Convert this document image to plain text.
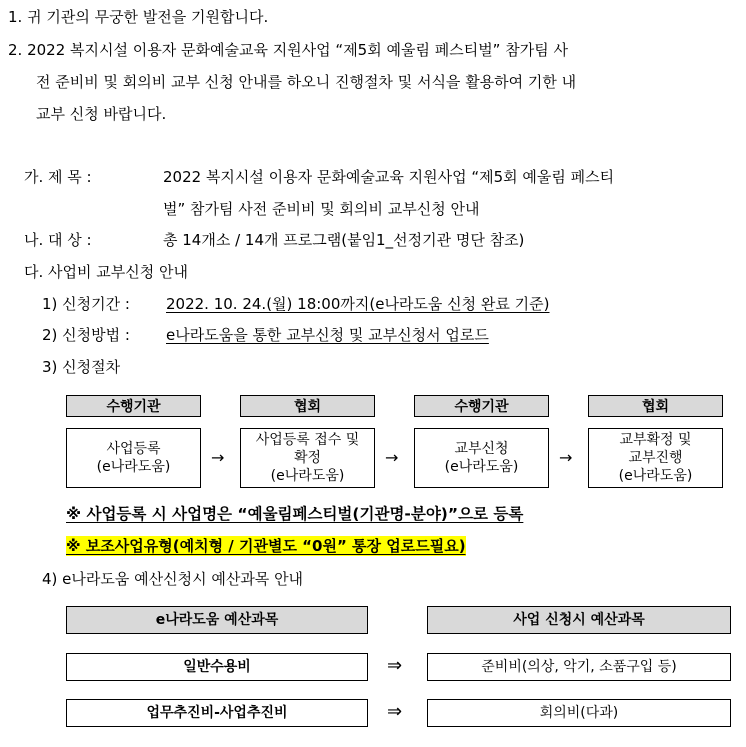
1. 귀 기관의 무궁한 발전을 기원합니다.
2. 2022 복지시설 이용자 문화예술교육 지원사업 “제5회 예울림 페스티벌” 참가팀 사
전 준비비 및 회의비 교부 신청 안내를 하오니 진행절차 및 서식을 활용하여 기한 내
교부 신청 바랍니다.
가. 제 목 :	2022 복지시설 이용자 문화예술교육 지원사업 “제5회 예울림 페스티
벌” 참가팀 사전 준비비 및 회의비 교부신청 안내
나. 대 상 :	총 14개소 / 14개 프로그램(붙임1_선정기관 명단 참조)
다. 사업비 교부신청 안내
1) 신청기간 : 2022. 10. 24.(월) 18:00까지(e나라도움 신청 완료 기준)
2) 신청방법 : e나라도움을 통한 교부신청 및 교부신청서 업로드
3) 신청절차
수행기관
사업등록
(e나라도움)	→
협회
사업등록 접수 및
확정
(e나라도움)
→
수행기관
교부신청
(e나라도움)	→
협회
교부확정 및
교부진행
(e나라도움)
※ 사업등록 시 사업명은 “예울림페스티벌(기관명-분야)”으로 등록
※ 보조사업유형(예치형 / 기관별도 “0원” 통장 업로드필요)
4) e나라도움 예산신청시 예산과목 안내
e나라도움 예산과목	사업 신청시 예산과목
일반수용비	⇒	준비비(의상, 악기, 소품구입 등)
업무추진비-사업추진비	⇒	회의비(다과)
